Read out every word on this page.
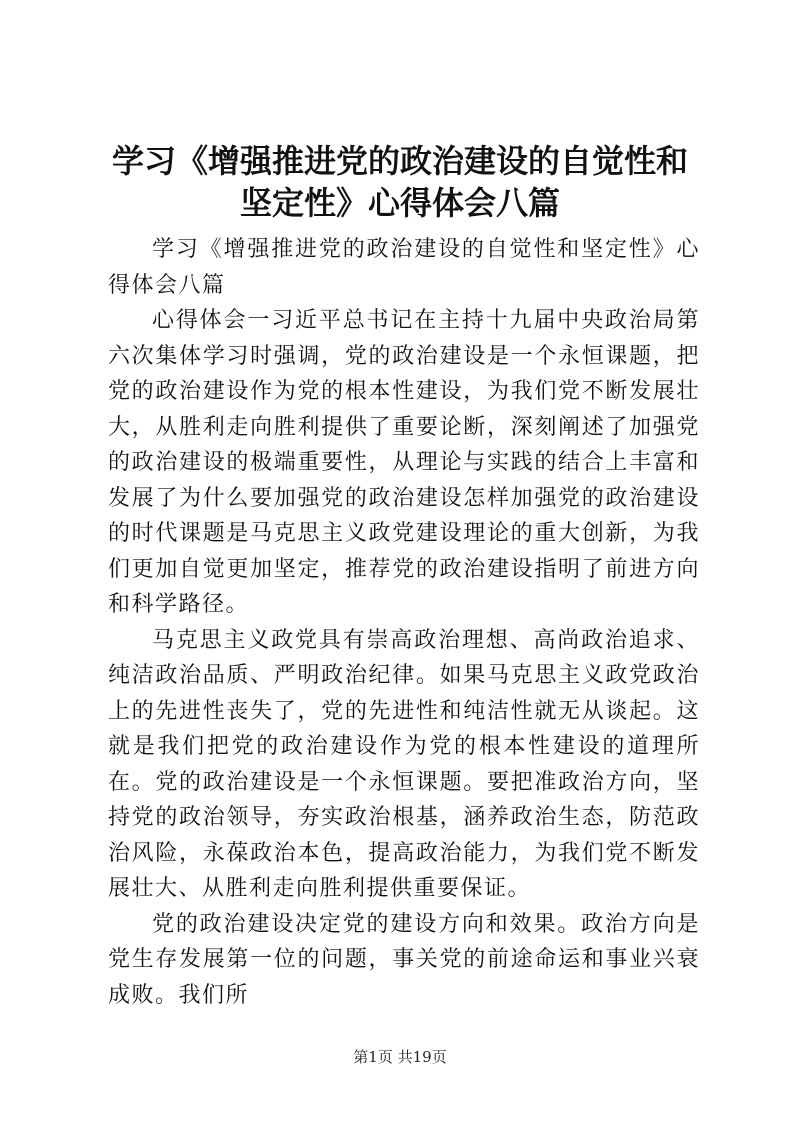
学习《增强推进党的政治建设的自觉性和坚定性》心得体会八篇

学习《增强推进党的政治建设的自觉性和坚定性》心得体会八篇

心得体会一习近平总书记在主持十九届中央政治局第六次集体学习时强调，党的政治建设是一个永恒课题，把党的政治建设作为党的根本性建设，为我们党不断发展壮大，从胜利走向胜利提供了重要论断，深刻阐述了加强党的政治建设的极端重要性，从理论与实践的结合上丰富和发展了为什么要加强党的政治建设怎样加强党的政治建设的时代课题是马克思主义政党建设理论的重大创新，为我们更加自觉更加坚定，推荐党的政治建设指明了前进方向和科学路径。

马克思主义政党具有崇高政治理想、高尚政治追求、纯洁政治品质、严明政治纪律。如果马克思主义政党政治上的先进性丧失了，党的先进性和纯洁性就无从谈起。这就是我们把党的政治建设作为党的根本性建设的道理所在。党的政治建设是一个永恒课题。要把准政治方向，坚持党的政治领导，夯实政治根基，涵养政治生态，防范政治风险，永葆政治本色，提高政治能力，为我们党不断发展壮大、从胜利走向胜利提供重要保证。

党的政治建设决定党的建设方向和效果。政治方向是党生存发展第一位的问题，事关党的前途命运和事业兴衰成败。我们所

第1页 共19页
